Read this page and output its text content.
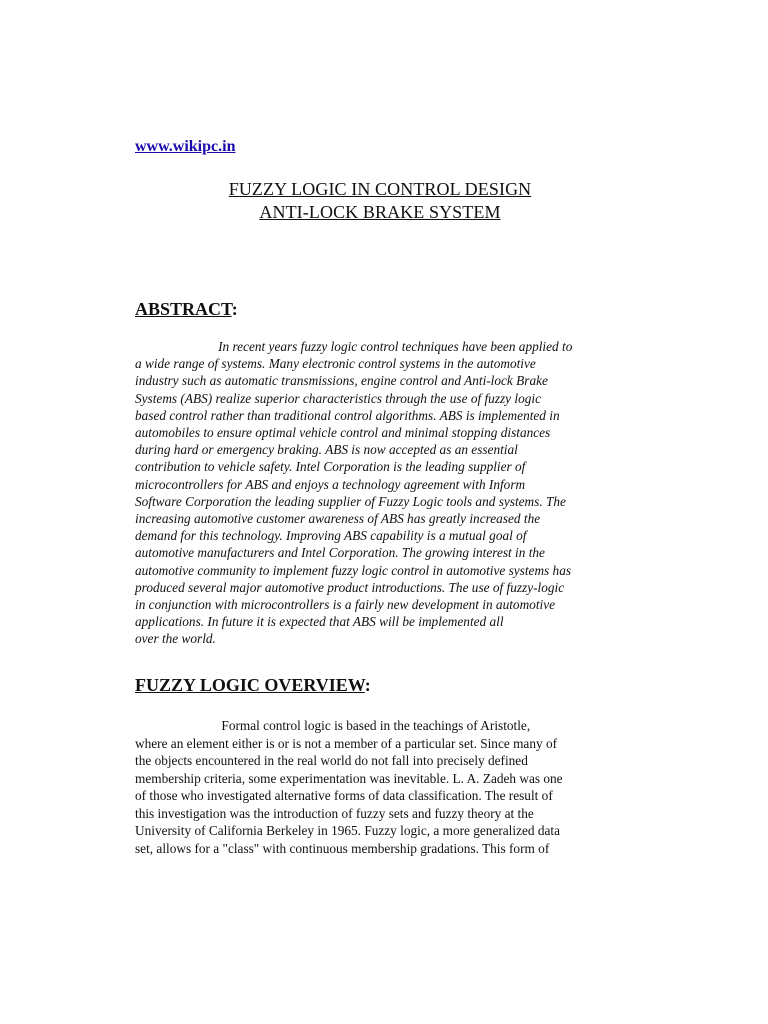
www.wikipc.in
FUZZY LOGIC IN CONTROL DESIGN
ANTI-LOCK BRAKE SYSTEM
ABSTRACT:

In recent years fuzzy logic control techniques have been applied to
a wide range of systems. Many electronic control systems in the automotive
industry such as automatic transmissions, engine control and Anti-lock Brake
Systems (ABS) realize superior characteristics through the use of fuzzy logic
based control rather than traditional control algorithms. ABS is implemented in
automobiles to ensure optimal vehicle control and minimal stopping distances
during hard or emergency braking. ABS is now accepted as an essential
contribution to vehicle safety. Intel Corporation is the leading supplier of
microcontrollers for ABS and enjoys a technology agreement with Inform
Software Corporation the leading supplier of Fuzzy Logic tools and systems. The
increasing automotive customer awareness of ABS has greatly increased the
demand for this technology. Improving ABS capability is a mutual goal of
automotive manufacturers and Intel Corporation. The growing interest in the
automotive community to implement fuzzy logic control in automotive systems has
produced several major automotive product introductions. The use of fuzzy-logic
in conjunction with microcontrollers is a fairly new development in automotive
applications. In future it is expected that ABS will be implemented all
over the world.

FUZZY LOGIC OVERVIEW:

Formal control logic is based in the teachings of Aristotle,
where an element either is or is not a member of a particular set. Since many of
the objects encountered in the real world do not fall into precisely defined
membership criteria, some experimentation was inevitable. L. A. Zadeh was one
of those who investigated alternative forms of data classification. The result of
this investigation was the introduction of fuzzy sets and fuzzy theory at the
University of California Berkeley in 1965. Fuzzy logic, a more generalized data
set, allows for a "class" with continuous membership gradations. This form of
